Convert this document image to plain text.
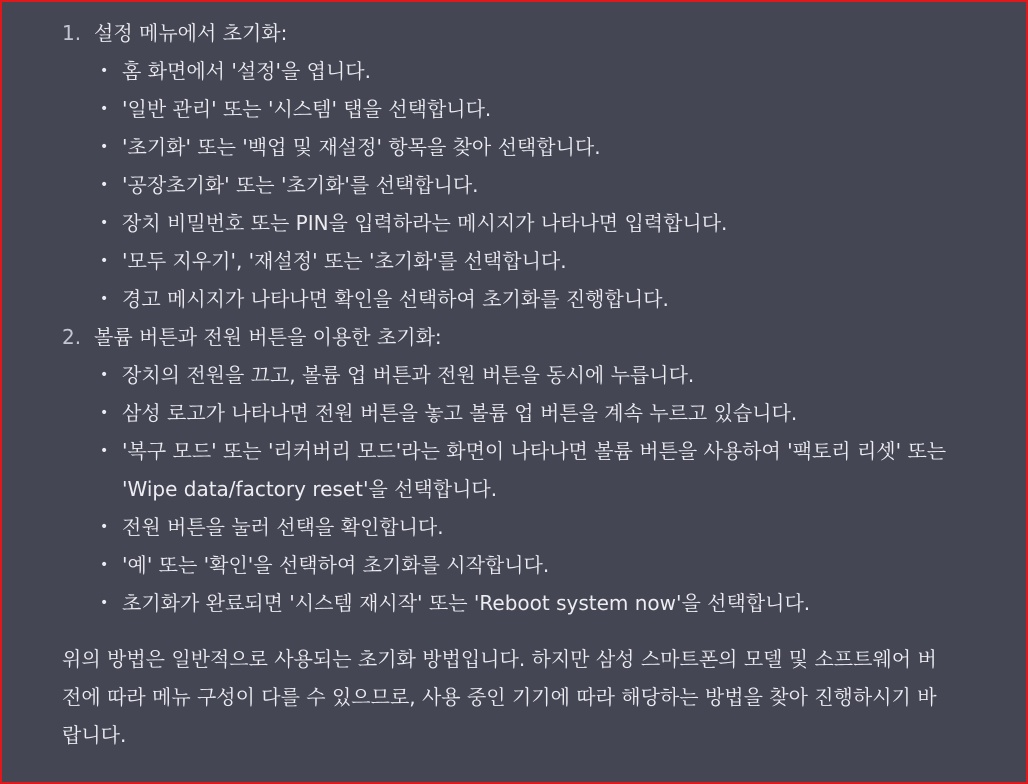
1. 설정 메뉴에서 초기화:
• 홈 화면에서 '설정'을 엽니다.
• '일반 관리' 또는 '시스템' 탭을 선택합니다.
• '초기화' 또는 '백업 및 재설정' 항목을 찾아 선택합니다.
• '공장초기화' 또는 '초기화'를 선택합니다.
• 장치 비밀번호 또는 PIN을 입력하라는 메시지가 나타나면 입력합니다.
• '모두 지우기', '재설정' 또는 '초기화'를 선택합니다.
• 경고 메시지가 나타나면 확인을 선택하여 초기화를 진행합니다.
2. 볼륨 버튼과 전원 버튼을 이용한 초기화:
• 장치의 전원을 끄고, 볼륨 업 버튼과 전원 버튼을 동시에 누릅니다.
• 삼성 로고가 나타나면 전원 버튼을 놓고 볼륨 업 버튼을 계속 누르고 있습니다.
• '복구 모드' 또는 '리커버리 모드'라는 화면이 나타나면 볼륨 버튼을 사용하여 '팩토리 리셋' 또는 'Wipe data/factory reset'을 선택합니다.
• 전원 버튼을 눌러 선택을 확인합니다.
• '예' 또는 '확인'을 선택하여 초기화를 시작합니다.
• 초기화가 완료되면 '시스템 재시작' 또는 'Reboot system now'을 선택합니다.

위의 방법은 일반적으로 사용되는 초기화 방법입니다. 하지만 삼성 스마트폰의 모델 및 소프트웨어 버전에 따라 메뉴 구성이 다를 수 있으므로, 사용 중인 기기에 따라 해당하는 방법을 찾아 진행하시기 바랍니다.
